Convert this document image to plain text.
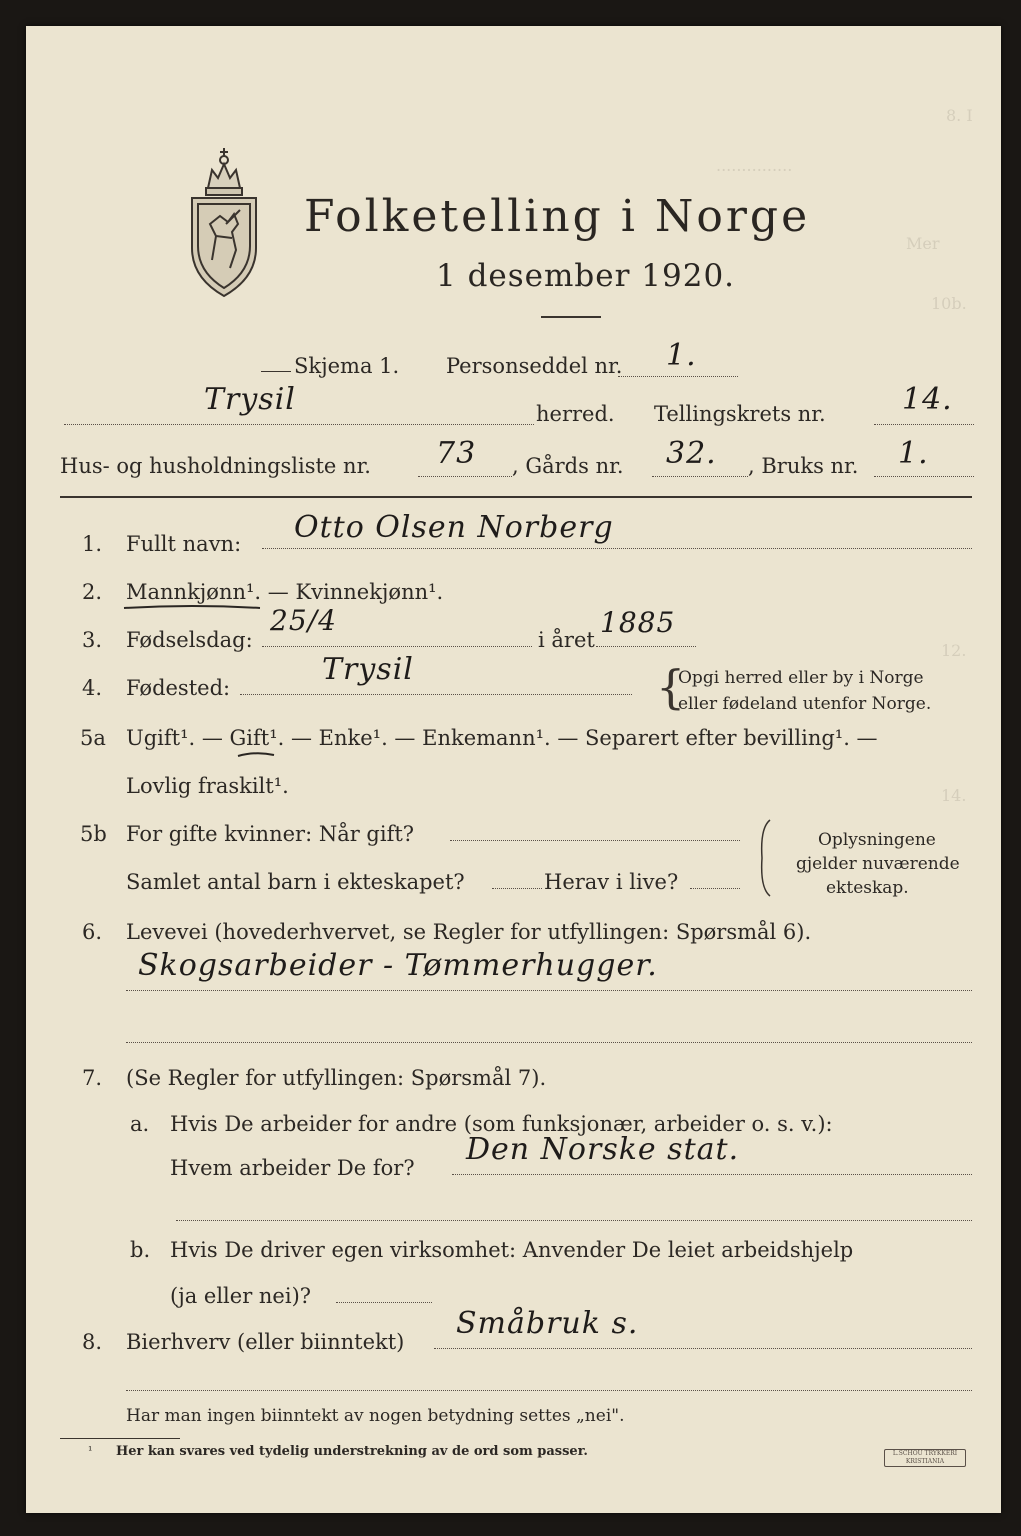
8. I
...............
Mer
10b.
12.
14.
Folketelling i Norge
1 desember 1920.
Skjema 1. Personseddel nr. 1.
Trysil	herred. Tellingskrets nr.	14.
Hus- og husholdningsliste nr. 73 , Gårds nr. 32. , Bruks nr. 1.
1. Fullt navn: Otto Olsen Norberg
2. Mannkjønn¹. — Kvinnekjønn¹.
3. Fødselsdag:
25/4
i året
1885
4. Fødested:
Trysil	{
Opgi herred eller by i Norge
eller fødeland utenfor Norge.
5a Ugift¹. — Gift¹. — Enke¹. — Enkemann¹. — Separert efter bevilling¹. —
Lovlig fraskilt¹.
5b For gifte kvinner: Når gift?
Samlet antal barn i ekteskapet?	Herav i live?
Oplysningene
gjelder nuværende
ekteskap.
6. Levevei (hovederhvervet, se Regler for utfyllingen: Spørsmål 6).
Skogsarbeider - Tømmerhugger.
7. (Se Regler for utfyllingen: Spørsmål 7).
a. Hvis De arbeider for andre (som funksjonær, arbeider o. s. v.):
Hvem arbeider De for?
Den Norske stat.
b. Hvis De driver egen virksomhet: Anvender De leiet arbeidshjelp
(ja eller nei)?
8. Bierhverv (eller biinntekt)
Småbruk s.
Har man ingen biinntekt av nogen betydning settes „nei".
¹ Her kan svares ved tydelig understrekning av de ord som passer.	L.SCHOU TRYKKERI KRISTIANIA
